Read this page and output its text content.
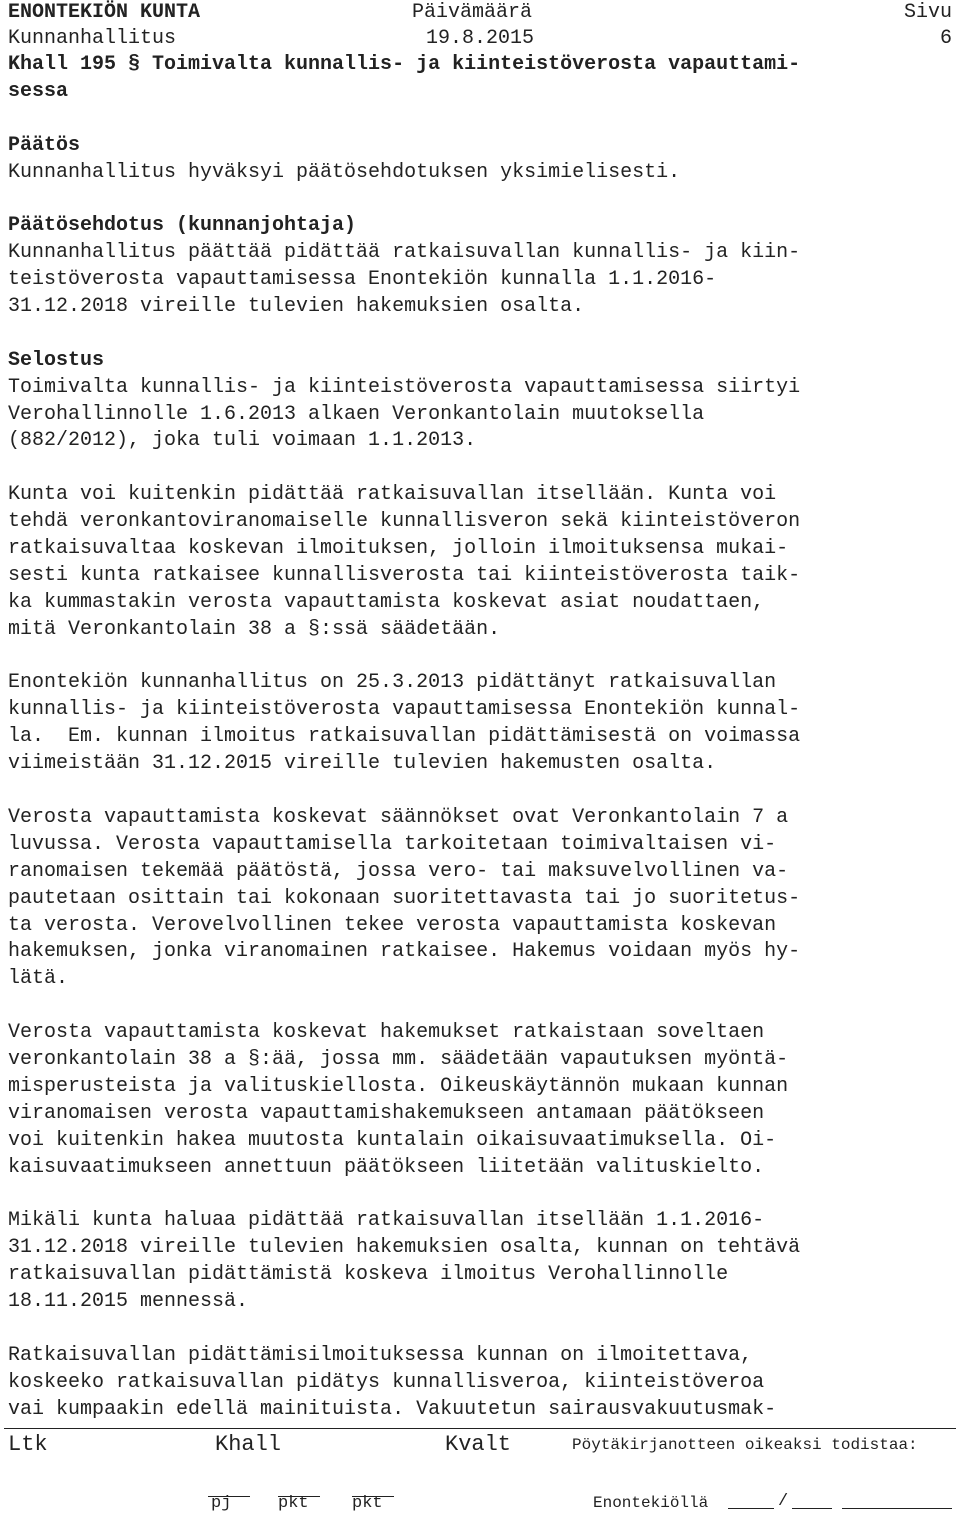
ENONTEKIÖN KUNTA	Päivämäärä	Sivu
Kunnanhallitus	19.8.2015	6
Khall 195 § Toimivalta kunnallis- ja kiinteistöverosta vapauttami-
sessa
Päätös
Kunnanhallitus hyväksyi päätösehdotuksen yksimielisesti.
Päätösehdotus (kunnanjohtaja)
Kunnanhallitus päättää pidättää ratkaisuvallan kunnallis- ja kiin-
teistöverosta vapauttamisessa Enontekiön kunnalla 1.1.2016-
31.12.2018 vireille tulevien hakemuksien osalta.
Selostus
Toimivalta kunnallis- ja kiinteistöverosta vapauttamisessa siirtyi
Verohallinnolle 1.6.2013 alkaen Veronkantolain muutoksella
(882/2012), joka tuli voimaan 1.1.2013.
Kunta voi kuitenkin pidättää ratkaisuvallan itsellään. Kunta voi
tehdä veronkantoviranomaiselle kunnallisveron sekä kiinteistöveron
ratkaisuvaltaa koskevan ilmoituksen, jolloin ilmoituksensa mukai-
sesti kunta ratkaisee kunnallisverosta tai kiinteistöverosta taik-
ka kummastakin verosta vapauttamista koskevat asiat noudattaen,
mitä Veronkantolain 38 a §:ssä säädetään.
Enontekiön kunnanhallitus on 25.3.2013 pidättänyt ratkaisuvallan
kunnallis- ja kiinteistöverosta vapauttamisessa Enontekiön kunnal-
la.  Em. kunnan ilmoitus ratkaisuvallan pidättämisestä on voimassa
viimeistään 31.12.2015 vireille tulevien hakemusten osalta.
Verosta vapauttamista koskevat säännökset ovat Veronkantolain 7 a
luvussa. Verosta vapauttamisella tarkoitetaan toimivaltaisen vi-
ranomaisen tekemää päätöstä, jossa vero- tai maksuvelvollinen va-
pautetaan osittain tai kokonaan suoritettavasta tai jo suoritetus-
ta verosta. Verovelvollinen tekee verosta vapauttamista koskevan
hakemuksen, jonka viranomainen ratkaisee. Hakemus voidaan myös hy-
lätä.
Verosta vapauttamista koskevat hakemukset ratkaistaan soveltaen
veronkantolain 38 a §:ää, jossa mm. säädetään vapautuksen myöntä-
misperusteista ja valituskiellosta. Oikeuskäytännön mukaan kunnan
viranomaisen verosta vapauttamishakemukseen antamaan päätökseen
voi kuitenkin hakea muutosta kuntalain oikaisuvaatimuksella. Oi-
kaisuvaatimukseen annettuun päätökseen liitetään valituskielto.
Mikäli kunta haluaa pidättää ratkaisuvallan itsellään 1.1.2016-
31.12.2018 vireille tulevien hakemuksien osalta, kunnan on tehtävä
ratkaisuvallan pidättämistä koskeva ilmoitus Verohallinnolle
18.11.2015 mennessä.
Ratkaisuvallan pidättämisilmoituksessa kunnan on ilmoitettava,
koskeeko ratkaisuvallan pidätys kunnallisveroa, kiinteistöveroa
vai kumpaakin edellä mainituista. Vakuutetun sairausvakuutusmak-
Ltk	Khall	Kvalt	Pöytäkirjanotteen oikeaksi todistaa:
pj	pkt	pkt	Enontekiöllä	/
